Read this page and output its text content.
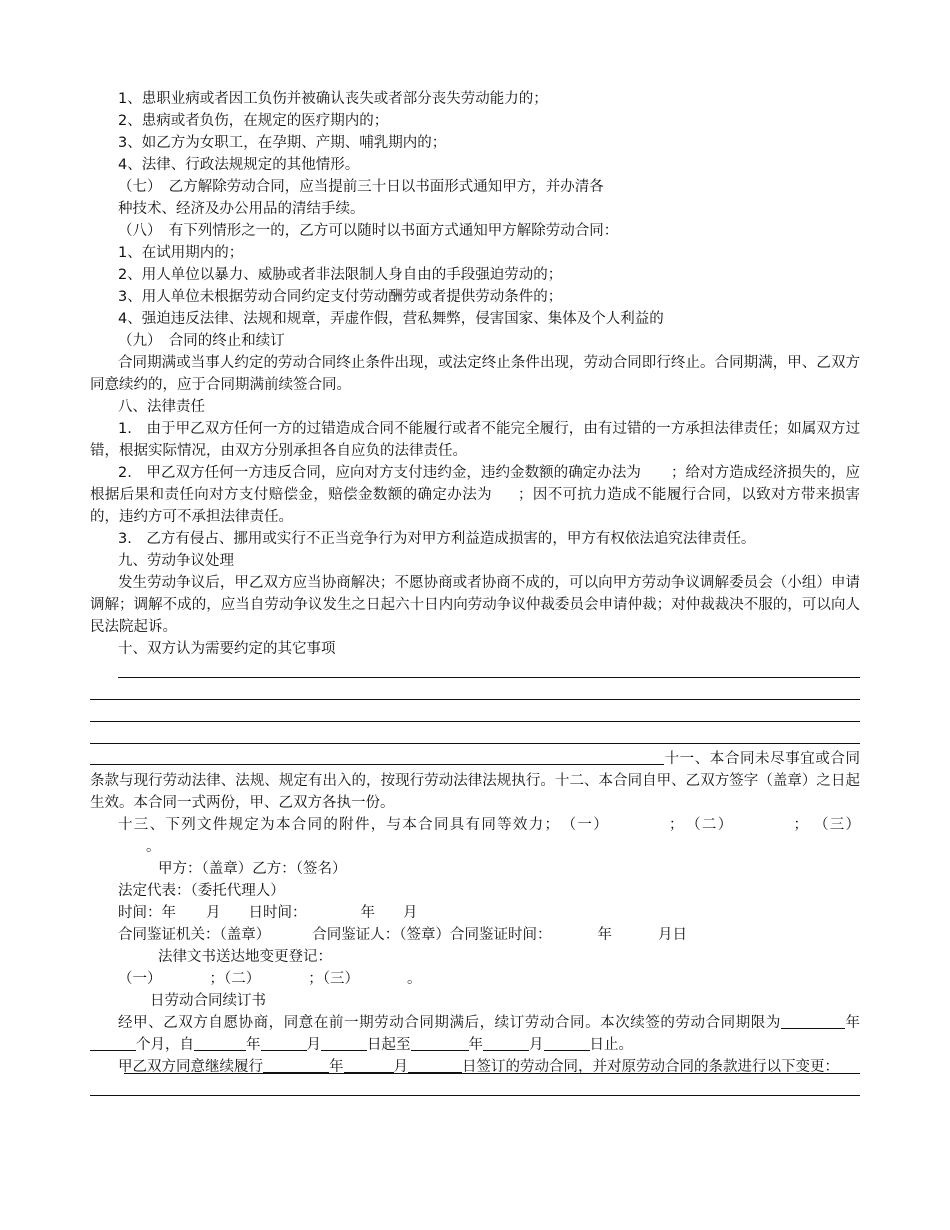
1、患职业病或者因工负伤并被确认丧失或者部分丧失劳动能力的；
2、患病或者负伤，在规定的医疗期内的；
3、如乙方为女职工，在孕期、产期、哺乳期内的；
4、法律、行政法规规定的其他情形。
（七）　乙方解除劳动合同，应当提前三十日以书面形式通知甲方，并办清各
种技术、经济及办公用品的清结手续。
（八）　有下列情形之一的，乙方可以随时以书面方式通知甲方解除劳动合同：
1、在试用期内的；
2、用人单位以暴力、威胁或者非法限制人身自由的手段强迫劳动的；
3、用人单位未根据劳动合同约定支付劳动酬劳或者提供劳动条件的；
4、强迫违反法律、法规和规章，弄虚作假，营私舞弊，侵害国家、集体及个人利益的
（九）　合同的终止和续订
合同期满或当事人约定的劳动合同终止条件出现，或法定终止条件出现，劳动合同即行终止。合同期满，甲、乙双方同意续约的，应于合同期满前续签合同。
八、法律责任
1.　由于甲乙双方任何一方的过错造成合同不能履行或者不能完全履行，由有过错的一方承担法律责任；如属双方过错，根据实际情况，由双方分别承担各自应负的法律责任。
2.　甲乙双方任何一方违反合同，应向对方支付违约金，违约金数额的确定办法为 ；给对方造成经济损失的，应根据后果和责任向对方支付赔偿金，赔偿金数额的确定办法为 ；因不可抗力造成不能履行合同，以致对方带来损害的，违约方可不承担法律责任。
3.　乙方有侵占、挪用或实行不正当竞争行为对甲方利益造成损害的，甲方有权依法追究法律责任。
九、劳动争议处理
发生劳动争议后，甲乙双方应当协商解决；不愿协商或者协商不成的，可以向甲方劳动争议调解委员会（小组）申请调解；调解不成的，应当自劳动争议发生之日起六十日内向劳动争议仲裁委员会申请仲裁；对仲裁裁决不服的，可以向人民法院起诉。
十、双方认为需要约定的其它事项
十一、本合同未尽事宜或合同条款与现行劳动法律、法规、规定有出入的，按现行劳动法律法规执行。十二、本合同自甲、乙双方签字（盖章）之日起生效。本合同一式两份，甲、乙双方各执一份。
十三、下列文件规定为本合同的附件，与本合同具有同等效力；　（一）	；　（二）	； （三）。
甲方：（盖章）乙方：（签名）
法定代表：（委托代理人）
时间：年 月 日时间：	年 月
合同鉴证机关：（盖章）	合同鉴证人：（签章）合同鉴证时间：	年	月日
法律文书送达地变更登记：
（一）	；（二）	；（三）	。
日劳动合同续订书
经甲、乙双方自愿协商，同意在前一期劳动合同期满后，续订劳动合同。本次续签的劳动合同期限为	年个月，自	年	月	日起至	年	月	日止。
甲乙双方同意继续履行	年	月	日签订的劳动合同，并对原劳动合同的条款进行以下变更：
